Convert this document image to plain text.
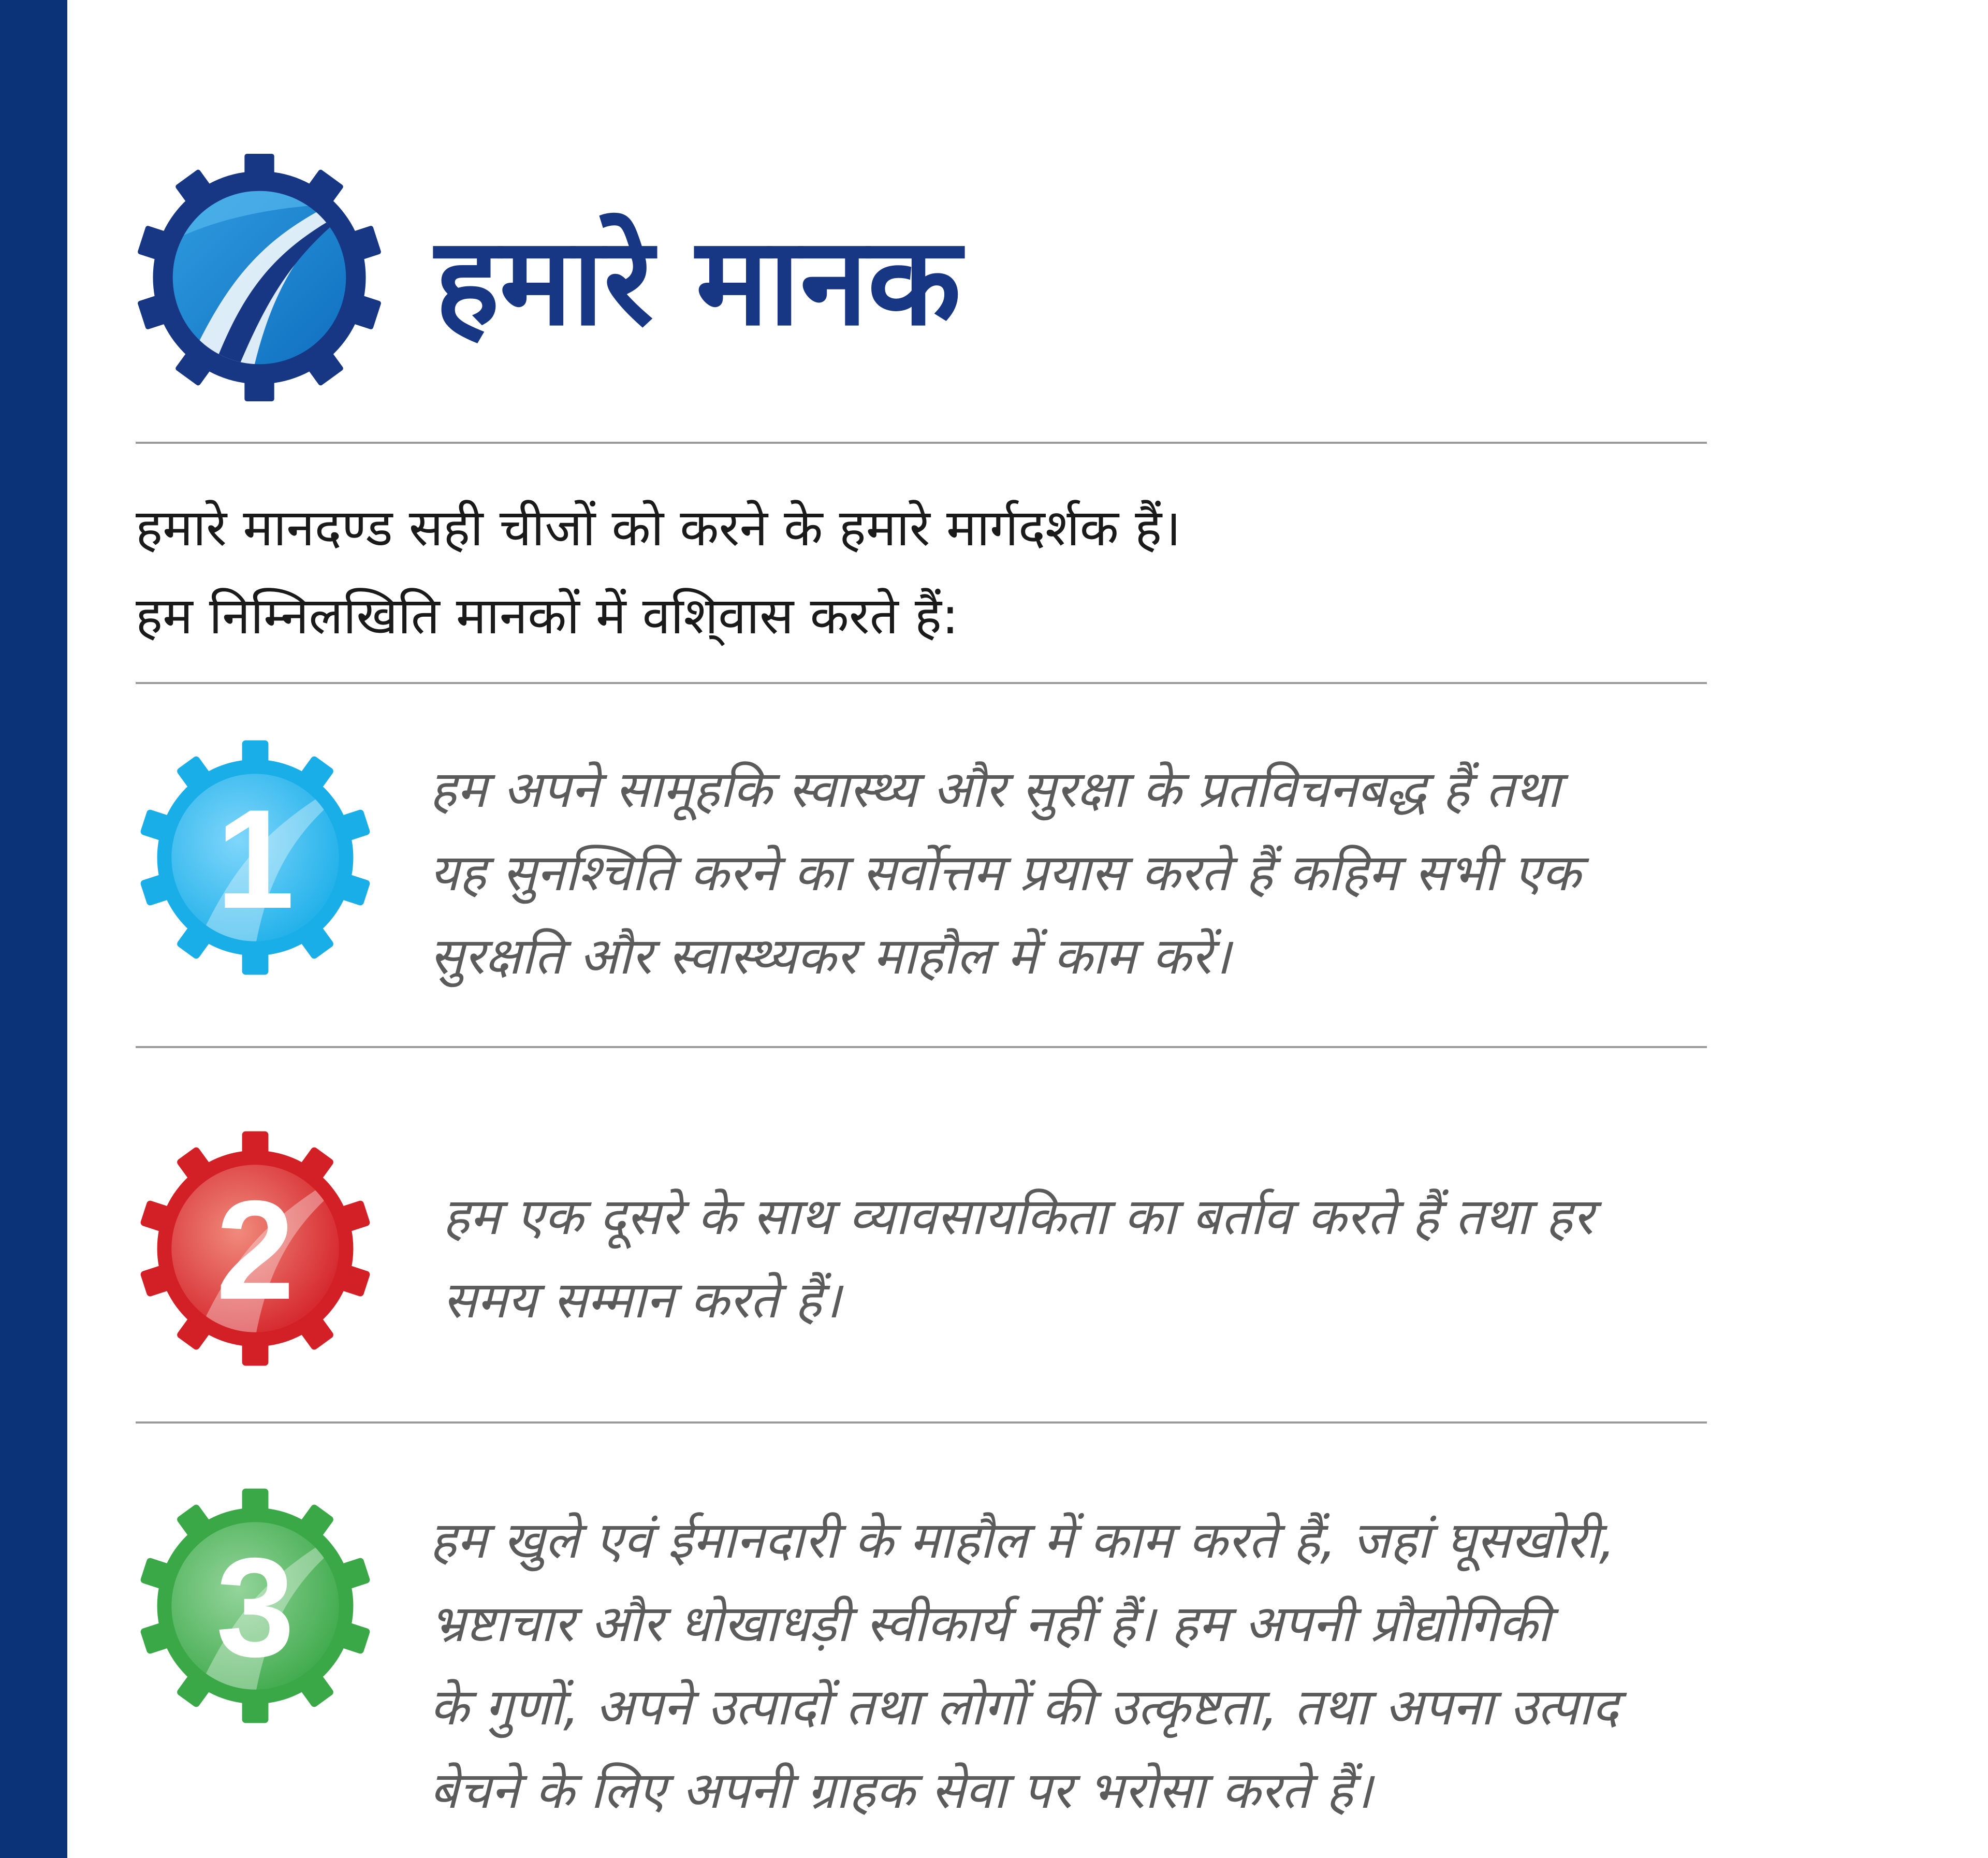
हमारे मानक
हमारे मानदण्ड सही चीजों को करने के हमारे मार्गदर्शक हैं।
हम निम्निलखिति मानकों में वशि्वास करते हैं:
1	हम अपने सामूहकि स्वास्थ्य और सुरक्षा के प्रतविचनबद्ध हैं तथा
यह सुनश्चिति करने का सर्वोत्तम प्रयास करते हैं कहिम सभी एक
सुरक्षति और स्वास्थ्यकर माहौल में काम करें।
2	हम एक दूसरे के साथ व्यावसायकिता का बर्ताव करते हैं तथा हर
समय सम्मान करते हैं।
3	हम खुले एवं ईमानदारी के माहौल में काम करते हैं, जहां घूसखोरी,
भ्रष्टाचार और धोखाधड़ी स्वीकार्य नहीं हैं। हम अपनी प्रौद्योगिकी
के गुणों, अपने उत्पादों तथा लोगों की उत्कृष्टता, तथा अपना उत्पाद
बेचने के लिए अपनी ग्राहक सेवा पर भरोसा करते हैं।
